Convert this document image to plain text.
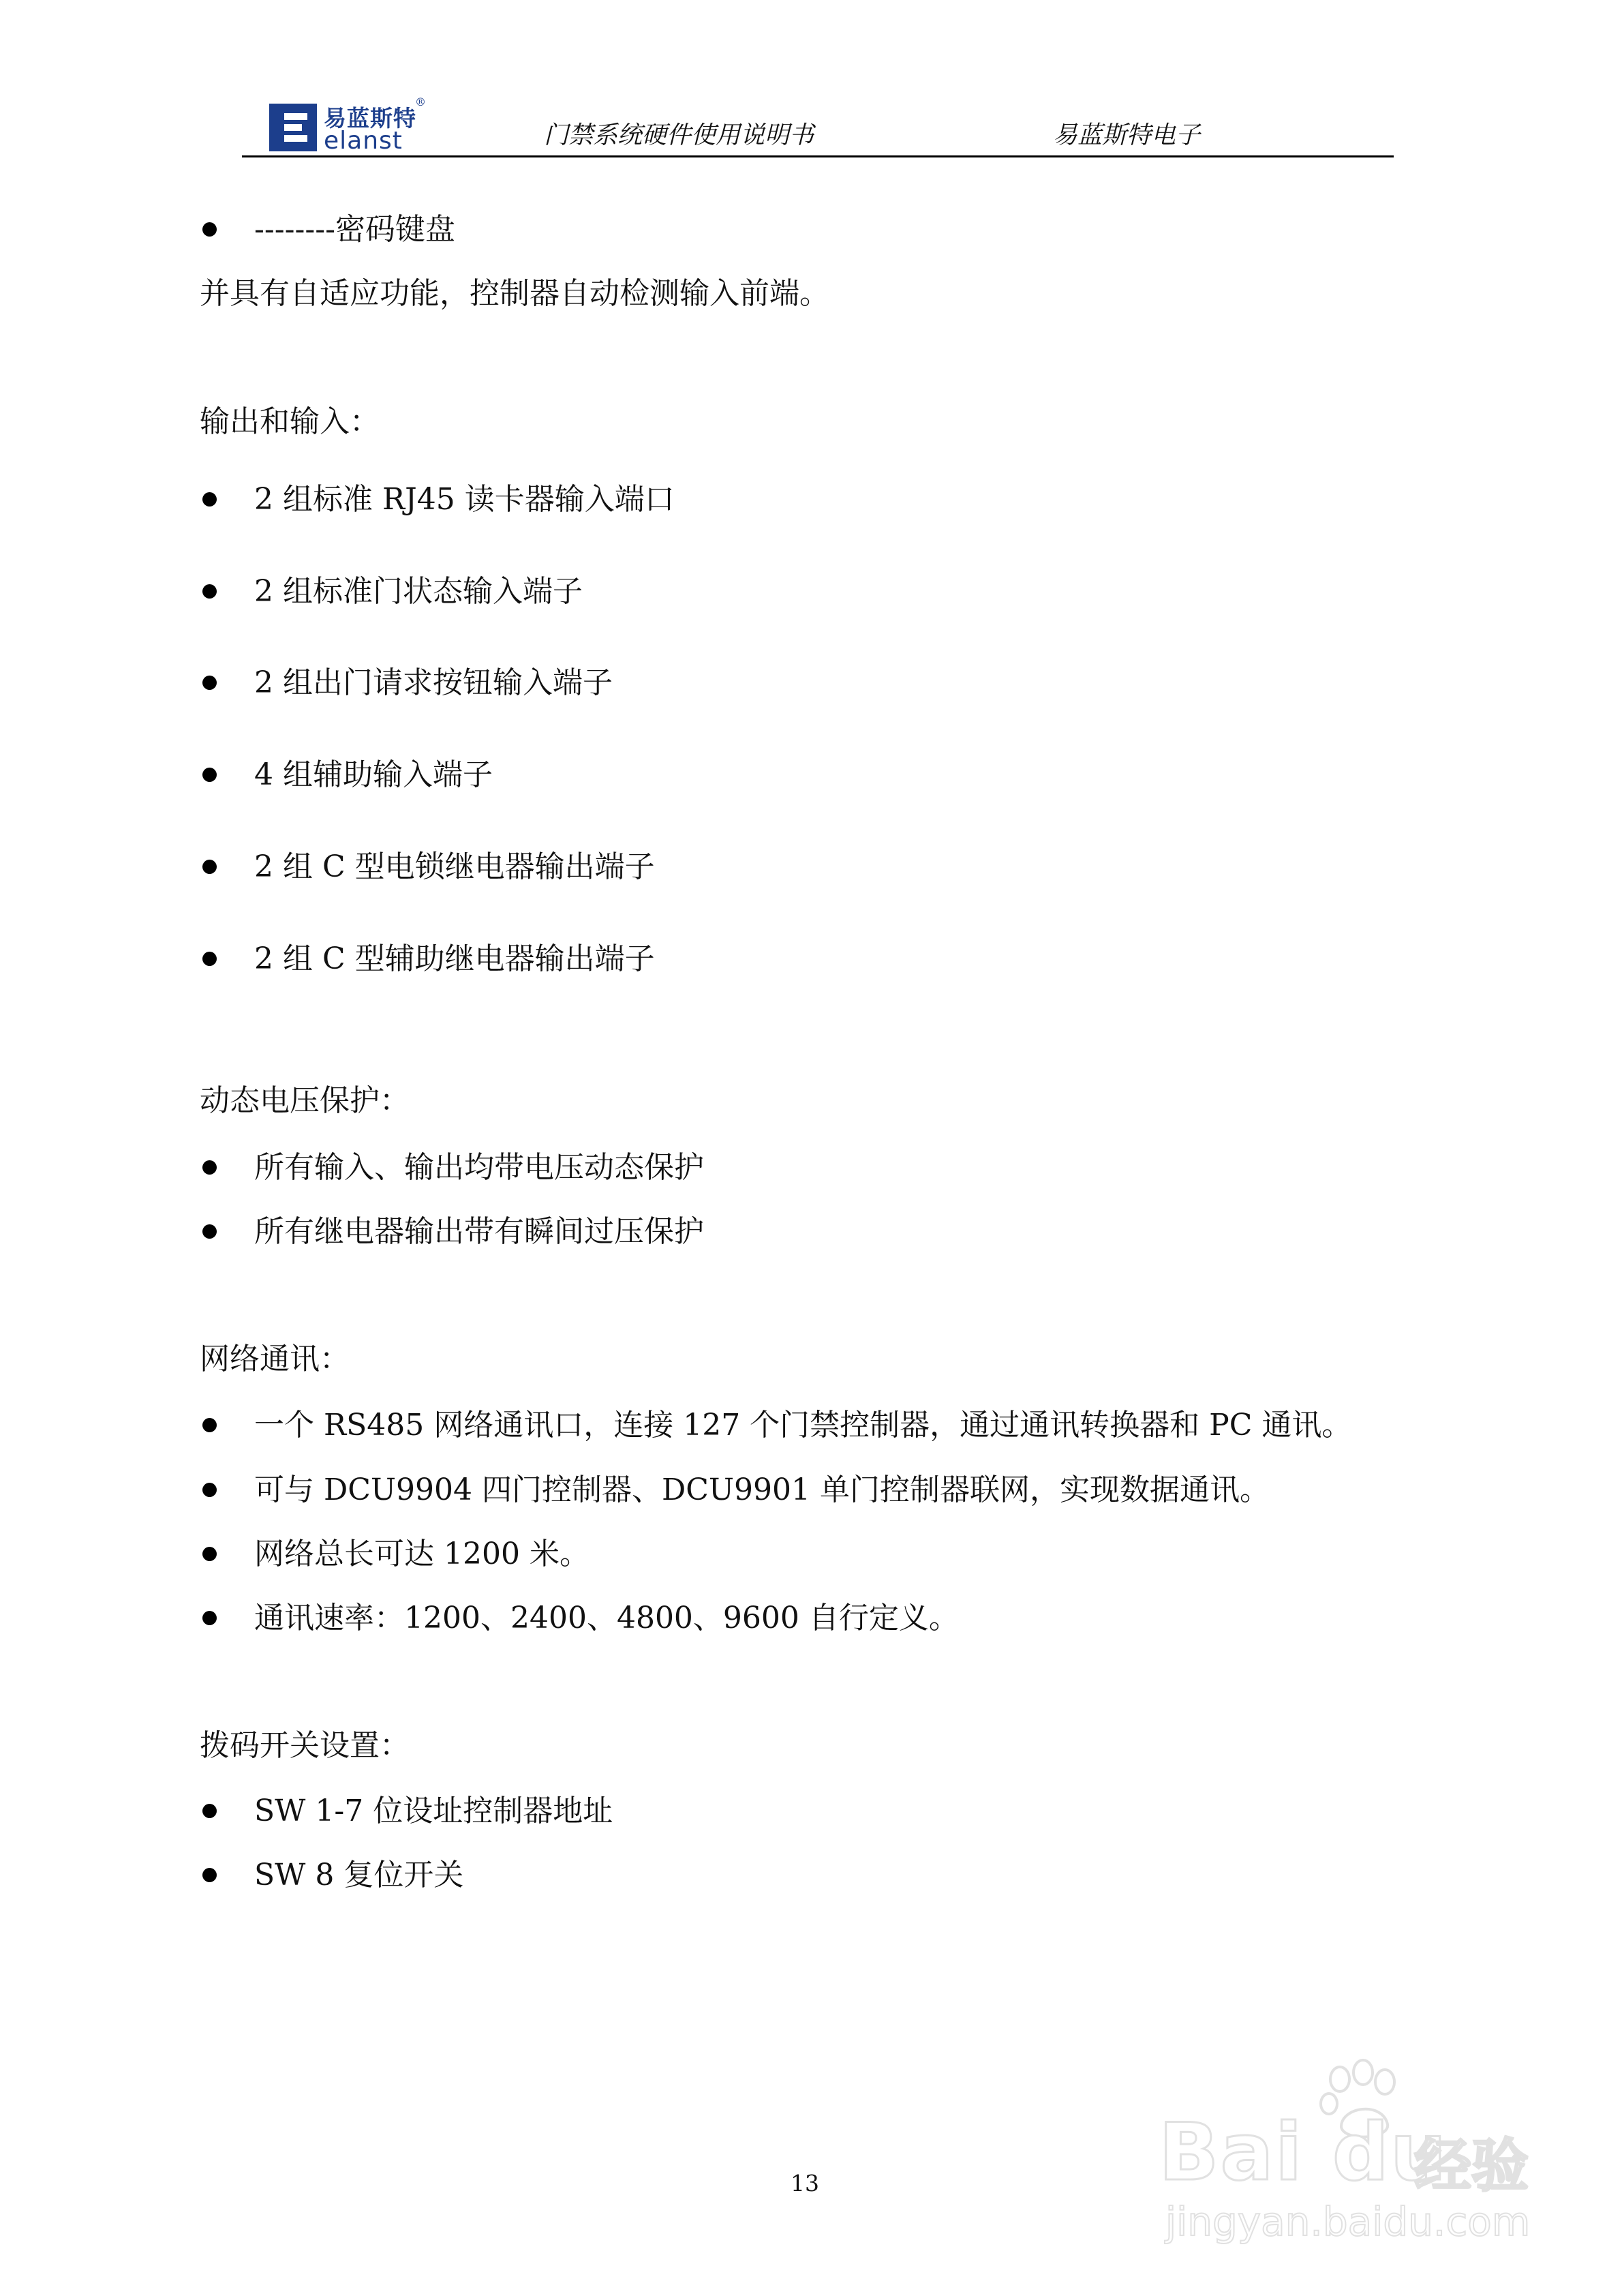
易蓝斯特
elanst
®
门禁系统硬件使用说明书	易蓝斯特电子
--------密码键盘
并具有自适应功能，控制器自动检测输入前端。
输出和输入：
2 组标准 RJ45 读卡器输入端口
2 组标准门状态输入端子
2 组出门请求按钮输入端子
4 组辅助输入端子
2 组 C 型电锁继电器输出端子
2 组 C 型辅助继电器输出端子
动态电压保护：
所有输入、输出均带电压动态保护
所有继电器输出带有瞬间过压保护
网络通讯：
一个 RS485 网络通讯口，连接 127 个门禁控制器，通过通讯转换器和 PC 通讯。
可与 DCU9904 四门控制器、DCU9901 单门控制器联网，实现数据通讯。
网络总长可达 1200 米。
通讯速率：1200、2400、4800、9600 自行定义。
拨码开关设置：
SW 1-7 位设址控制器地址
SW 8 复位开关
13	Bai du
经验
jingyan.baidu.com
